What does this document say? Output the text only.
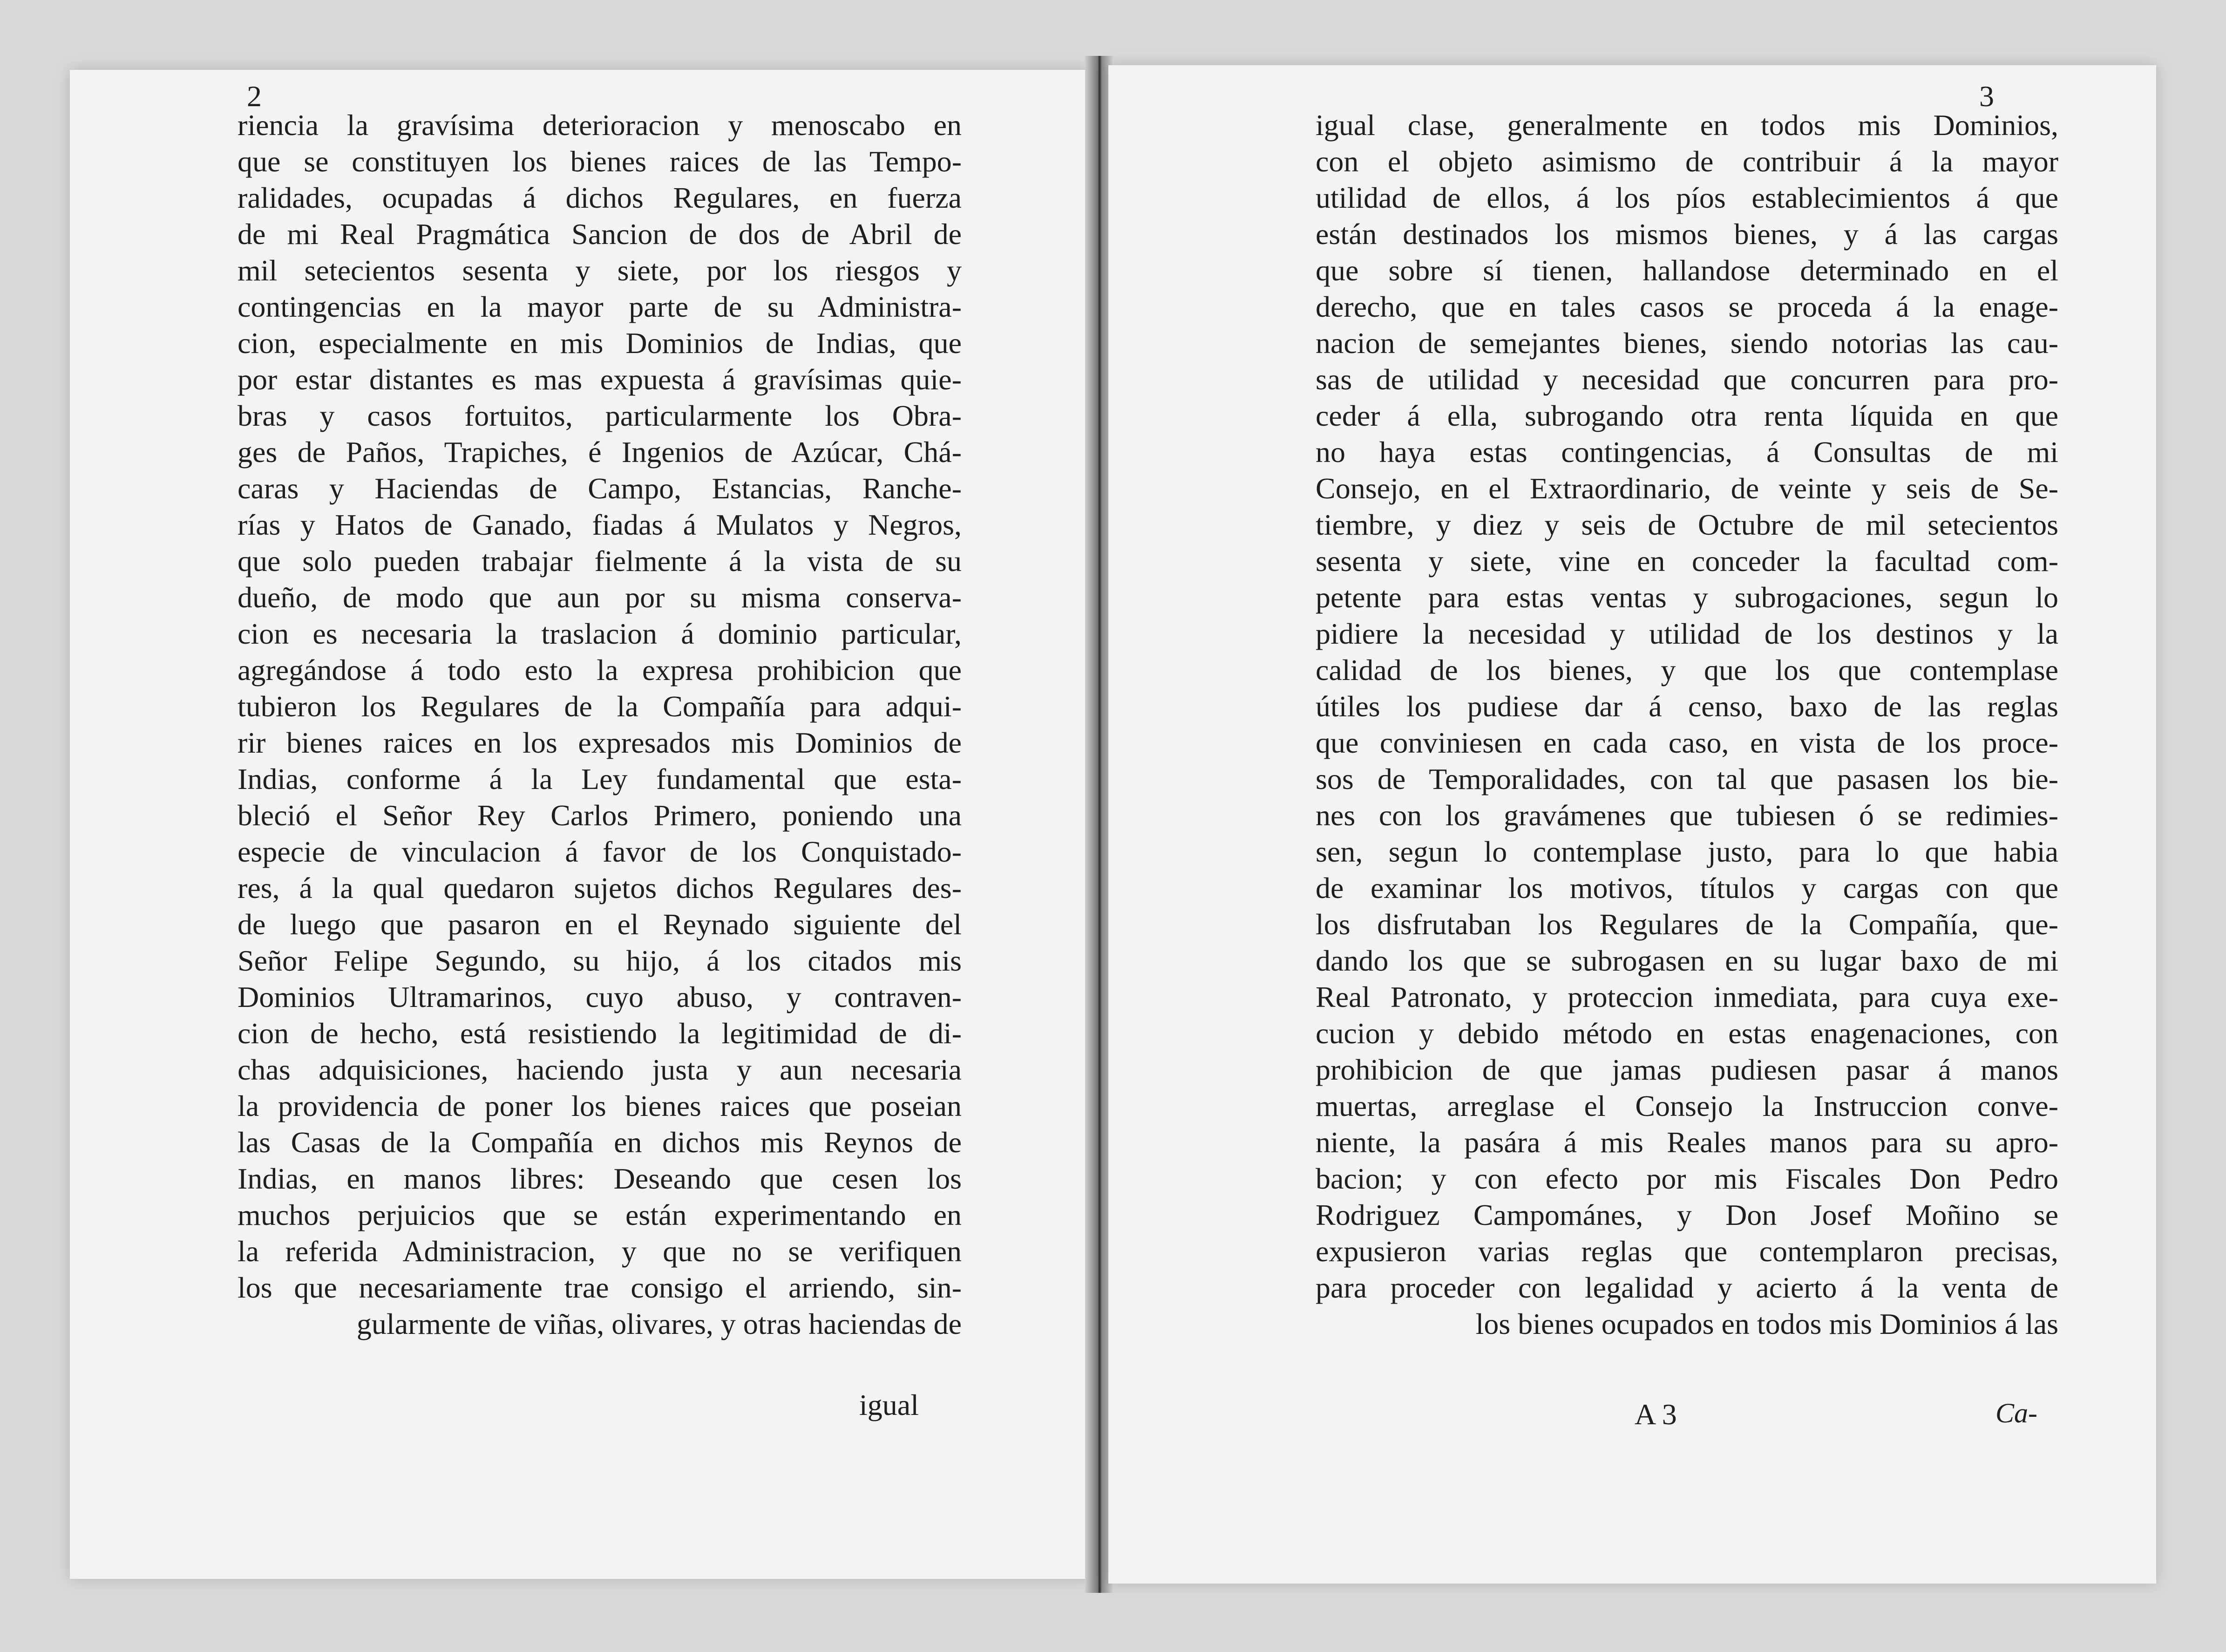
2
riencia la gravísima deterioracion y menoscabo en
que se constituyen los bienes raices de las Tempo-
ralidades, ocupadas á dichos Regulares, en fuerza
de mi Real Pragmática Sancion de dos de Abril de
mil setecientos sesenta y siete, por los riesgos y
contingencias en la mayor parte de su Administra-
cion, especialmente en mis Dominios de Indias, que
por estar distantes es mas expuesta á gravísimas quie-
bras y casos fortuitos, particularmente los Obra-
ges de Paños, Trapiches, é Ingenios de Azúcar, Chá-
caras y Haciendas de Campo, Estancias, Ranche-
rías y Hatos de Ganado, fiadas á Mulatos y Negros,
que solo pueden trabajar fielmente á la vista de su
dueño, de modo que aun por su misma conserva-
cion es necesaria la traslacion á dominio particular,
agregándose á todo esto la expresa prohibicion que
tubieron los Regulares de la Compañía para adqui-
rir bienes raices en los expresados mis Dominios de
Indias, conforme á la Ley fundamental que esta-
bleció el Señor Rey Carlos Primero, poniendo una
especie de vinculacion á favor de los Conquistado-
res, á la qual quedaron sujetos dichos Regulares des-
de luego que pasaron en el Reynado siguiente del
Señor Felipe Segundo, su hijo, á los citados mis
Dominios Ultramarinos, cuyo abuso, y contraven-
cion de hecho, está resistiendo la legitimidad de di-
chas adquisiciones, haciendo justa y aun necesaria
la providencia de poner los bienes raices que poseian
las Casas de la Compañía en dichos mis Reynos de
Indias, en manos libres: Deseando que cesen los
muchos perjuicios que se están experimentando en
la referida Administracion, y que no se verifiquen
los que necesariamente trae consigo el arriendo, sin-
gularmente de viñas, olivares, y otras haciendas de
igual
3
igual clase, generalmente en todos mis Dominios,
con el objeto asimismo de contribuir á la mayor
utilidad de ellos, á los píos establecimientos á que
están destinados los mismos bienes, y á las cargas
que sobre sí tienen, hallandose determinado en el
derecho, que en tales casos se proceda á la enage-
nacion de semejantes bienes, siendo notorias las cau-
sas de utilidad y necesidad que concurren para pro-
ceder á ella, subrogando otra renta líquida en que
no haya estas contingencias, á Consultas de mi
Consejo, en el Extraordinario, de veinte y seis de Se-
tiembre, y diez y seis de Octubre de mil setecientos
sesenta y siete, vine en conceder la facultad com-
petente para estas ventas y subrogaciones, segun lo
pidiere la necesidad y utilidad de los destinos y la
calidad de los bienes, y que los que contemplase
útiles los pudiese dar á censo, baxo de las reglas
que conviniesen en cada caso, en vista de los proce-
sos de Temporalidades, con tal que pasasen los bie-
nes con los gravámenes que tubiesen ó se redimies-
sen, segun lo contemplase justo, para lo que habia
de examinar los motivos, títulos y cargas con que
los disfrutaban los Regulares de la Compañía, que-
dando los que se subrogasen en su lugar baxo de mi
Real Patronato, y proteccion inmediata, para cuya exe-
cucion y debido método en estas enagenaciones, con
prohibicion de que jamas pudiesen pasar á manos
muertas, arreglase el Consejo la Instruccion conve-
niente, la pasára á mis Reales manos para su apro-
bacion; y con efecto por mis Fiscales Don Pedro
Rodriguez Campománes, y Don Josef Moñino se
expusieron varias reglas que contemplaron precisas,
para proceder con legalidad y acierto á la venta de
los bienes ocupados en todos mis Dominios á las
A 3	Ca-
